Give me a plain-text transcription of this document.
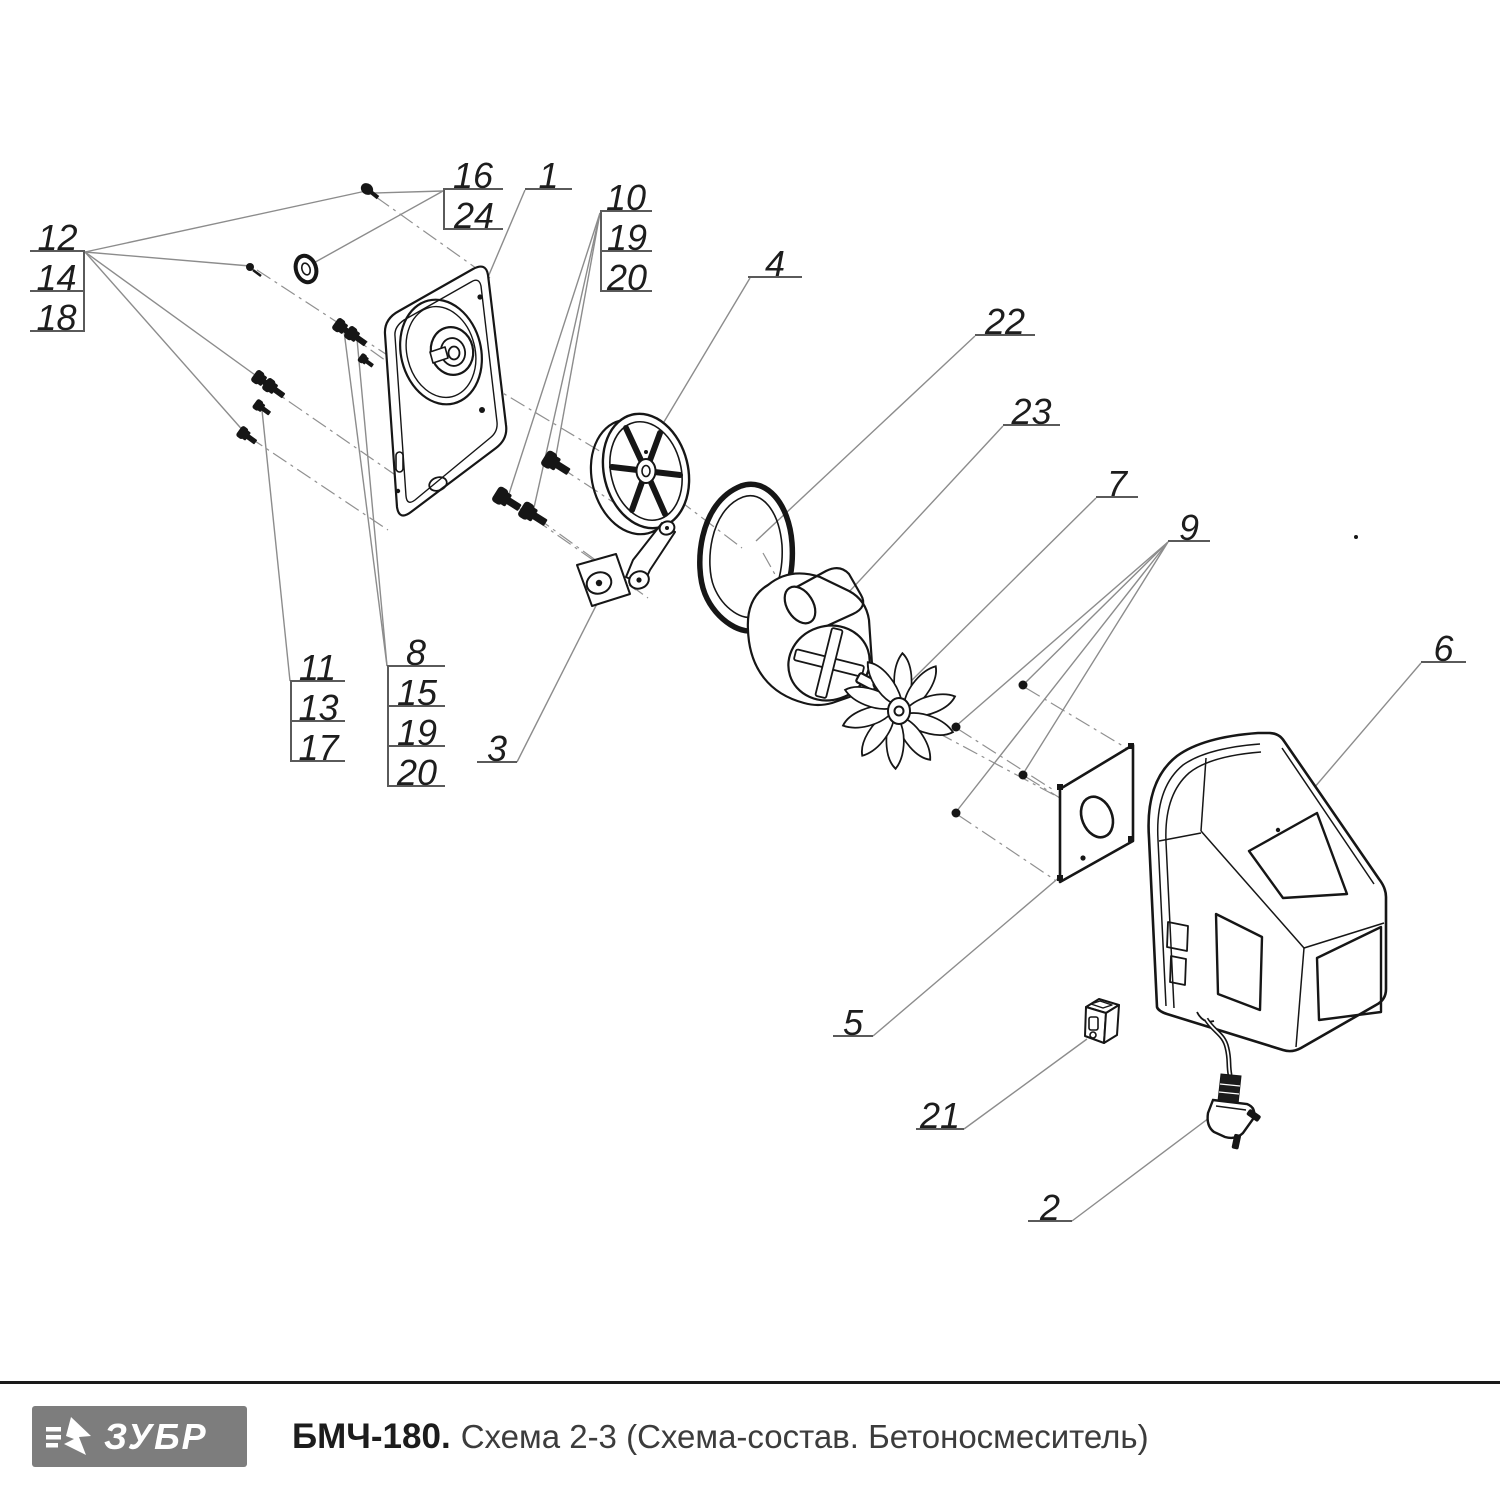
12
14
18
16
24	10
19
20
11
13
17
8
15
19
20
1
4
22
23
7
9
6
3
5
21
2
ЗУБР БМЧ-180. Схема 2-3 (Схема-состав. Бетоносмеситель)
